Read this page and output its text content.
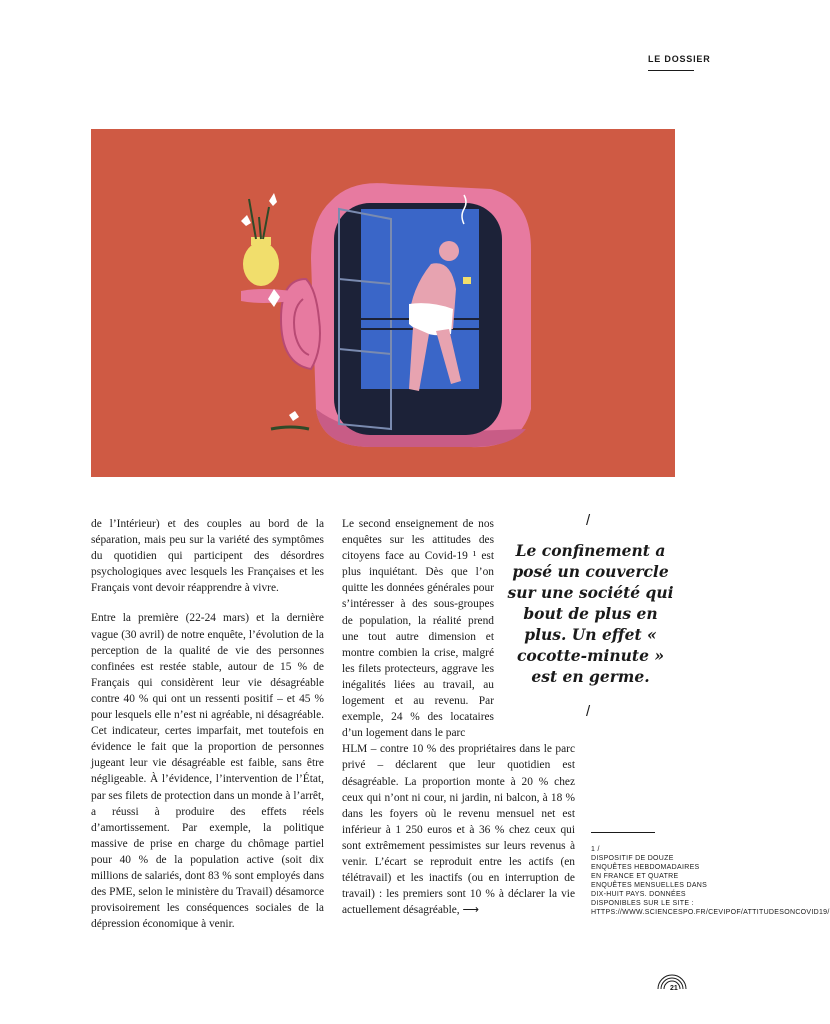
LE DOSSIER

de l’Intérieur) et des couples au bord de la séparation, mais peu sur la variété des symptômes du quotidien qui participent des désordres psychologiques avec lesquels les Françaises et les Français vont devoir réapprendre à vivre.

Entre la première (22-24 mars) et la dernière vague (30 avril) de notre enquête, l’évolution de la perception de la qualité de vie des personnes confinées est restée stable, autour de 15 % de Français qui considèrent leur vie désagréable contre 40 % qui ont un ressenti positif – et 45 % pour lesquels elle n’est ni agréable, ni désagréable. Cet indicateur, certes imparfait, met toutefois en évidence le fait que la proportion de personnes jugeant leur vie désagréable est faible, sans être négligeable. À l’évidence, l’intervention de l’État, par ses filets de protection dans un monde à l’arrêt, a réussi à produire des effets réels d’amortissement. Par exemple, la politique massive de prise en charge du chômage partiel pour 40 % de la population active (soit dix millions de salariés, dont 83 % sont employés dans des PME, selon le ministère du Travail) désamorce provisoirement les conséquences sociales de la dépression économique à venir.

Le second enseignement de nos enquêtes sur les attitudes des citoyens face au Covid-19 ¹ est plus inquiétant. Dès que l’on quitte les données générales pour s’intéresser à des sous-groupes de population, la réalité prend une tout autre dimension et montre combien la crise, malgré les filets protecteurs, aggrave les inégalités liées au travail, au logement et au revenu. Par exemple, 24 % des locataires d’un logement dans le parc
HLM – contre 10 % des propriétaires dans le parc privé – déclarent que leur quotidien est désagréable. La proportion monte à 20 % chez ceux qui n’ont ni cour, ni jardin, ni balcon, à 18 % dans les foyers où le revenu mensuel net est inférieur à 1 250 euros et à 36 % chez ceux qui sont extrêmement pessimistes sur leurs revenus à venir. L’écart se reproduit entre les actifs (en télétravail) et les inactifs (ou en interruption de travail) : les premiers sont 10 % à déclarer la vie actuellement désagréable, ⟶
/
Le confinement a posé un couvercle sur une société qui bout de plus en plus. Un effet « cocotte-minute » est en germe.
/
1 /
DISPOSITIF DE DOUZE ENQUÊTES HEBDOMADAIRES EN FRANCE ET QUATRE ENQUÊTES MENSUELLES DANS DIX-HUIT PAYS. DONNÉES DISPONIBLES SUR LE SITE : HTTPS://WWW.SCIENCESPO.FR/CEVIPOF/ATTITUDESONCOVID19/
21
